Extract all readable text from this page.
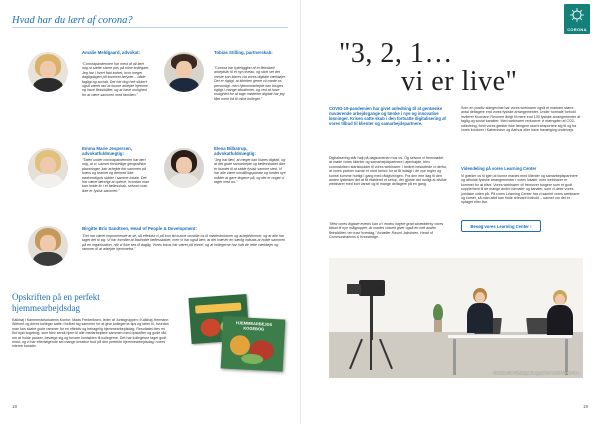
Hvad har du lært af corona?
Amalie Meldgaard, advokat:
"Coronapandemien har mest af alt lært mig at sætte større pris på mine kollegaer. Jeg har i hvert fald indset, hvor meget dagligdagen på kontoret betyder – både fagligt og socialt. Det har dog helt sikkert også været rart at kunne arbejde hjemme og have fleksibilitet, og at have mulighed for at være sammen med familien."
Tobias Stilling, partnerskab:
"Corona har tydeliggjort af et fleksibelt arbejdsliv til et nyt niveau, og stort set det meste kan klares via vores digitale værktøjer. Det er rigtigt, at klienten gerne vil møde os personligt, men hjemmearbejde kan bruges rigtigt i mange situationer, og ved at have mulighed for at tage møderne digitalt har jeg fået mere tid til mine kolleger."
Emma Marie Jespersen, advokatfuldmægtig:
"Tiden under coronapandemien har lært mig, at vi, uanset forskellige geografiske placeringer, kan arbejde fint sammen på tværs og teamet og dermed ikke nødvendigvis sidder i samme lokale. Det har været lærerigt at opleve, hvordan man kan holde liv i et fællesskab, selvom man ikke er fysisk sammen."
Elena Bilbatrup, advokatfuldmægtig:
"Jeg har lært, at meget kan klares digitalt, og at det gode samarbejde og fællesskabet ikke er bundet til at sidde fysisk samme sted. Vi har alle være omstillingsparate og fundet nye måder at gøre tingene på, og det er noget vi tager med os."
Birgitte Brix Sandtsen, Head of People & Development:
"Det har været imponerende at se, så effektivt vi på kort tid kunne omstille os til mødestrukturer og arbejdsformer, og at alle har taget det til sig. Vi har formået at fastholde fællesskabet, men vi har også lært, at det kræver en særlig indsats at holde sammen på en organisation, når vi ikke ses til daglig. Vores fokus har været på trivsel, og at kollegerne har haft de rette værktøjer og rammer til at arbejde hjemmefra."
Opskriften på en perfekt hjemmearbejdsdag
Kalkhøj i Kammeradvokatens Kontor, Mads Frederiksen, leder af Juristgruppen i Kalkhøj-Hermann Welnert og deres kolleger satte i foråret sig sammen for at give kollegerne tips og idéer til, hvordan man kan skabe gode rammer for en effektiv og behagelig hjemmearbejdsdag. Resultatet blev en flot trykt kogebog, som blev sendt hjem til alle medarbejdere sammen med opskrifter og gode råd om at holde pauser, bevæge sig og bevare kontakten til kollegerne. Det har kollegerne taget godt imod, og vi har efterfølgende set mange kreative bud på den perfekte hjemmearbejdsdag i vores interne kanaler.
HJEMMEARBEJDS KOGEBOG
18
CORONA
"3, 2, 1…
vi er live"
COVID-19-pandemien har givet anledning til at gentænke nuværende arbejdsgange og tænke i nye og innovative løsninger. Krisen satte skub i den fortsatte digitalisering af vores tilbud til klienter og samarbejdspartnere.
Digitalisering står højt på dagsordenen hos os. Og selvom vi fremmødet at møde vores klienter og samarbejdspartnere i øjenhøjde, blev coronakrisen startskuddet til vores webinarer. I foråret besluttede vi derfor, at vores partner havde et stort behov for at få indsigt i de nye regler og kunne komme hurtigt i gang med rådgivningen. Fra den ene dag til den anden lykkedes det at få etableret et setup, der gjorde det muligt at afvikle webinarer med kort varsel og til mange deltagere på en gang.
"Med vores digitale events kan vi i endnu højere grad skræddersy vores tilbud til nye målgrupper. At mødes virtuelt giver også en helt anden fleksibilitet i en travl hverdag," fortæller Rasmi Jakobsen, Head of Communications & Knowledge.
Som en positiv sidegevinst har vores webinarer også et markant større antal deltagere end vores fysiske arrangementer. Under normale forhold inviterer Kromann Reumert årligt til mere end 100 fysiske arrangementer af faglig og social karakter. Med webinarer reducerer vi mængden af CO2-udledning, fordi vores gæster ikke længere skal transportere sig til og fra vores kontorer i København og Aarhus eller have fravælging undervejs.
Videndeling på vores Learning Center
Vi glæder os til igen at kunne mødes med klienter og samarbejdspartnere og afholde fysiske arrangementer i vores lokaler, men webinarer er kommet for at blive. Vores webinarer vil fremover fungere som et godt supplement til de mange andre formater og kanaler, som vi deler vores juridiske viden på. På vores Learning Center har vi samlet vores webinarer og kurser, så man altid kan finde relevant indhold – uanset om det er optaget eller live.
Besøg vores Learning Center ›
Christina Brix Westergaard og partner Henrik Nielsen live
19
